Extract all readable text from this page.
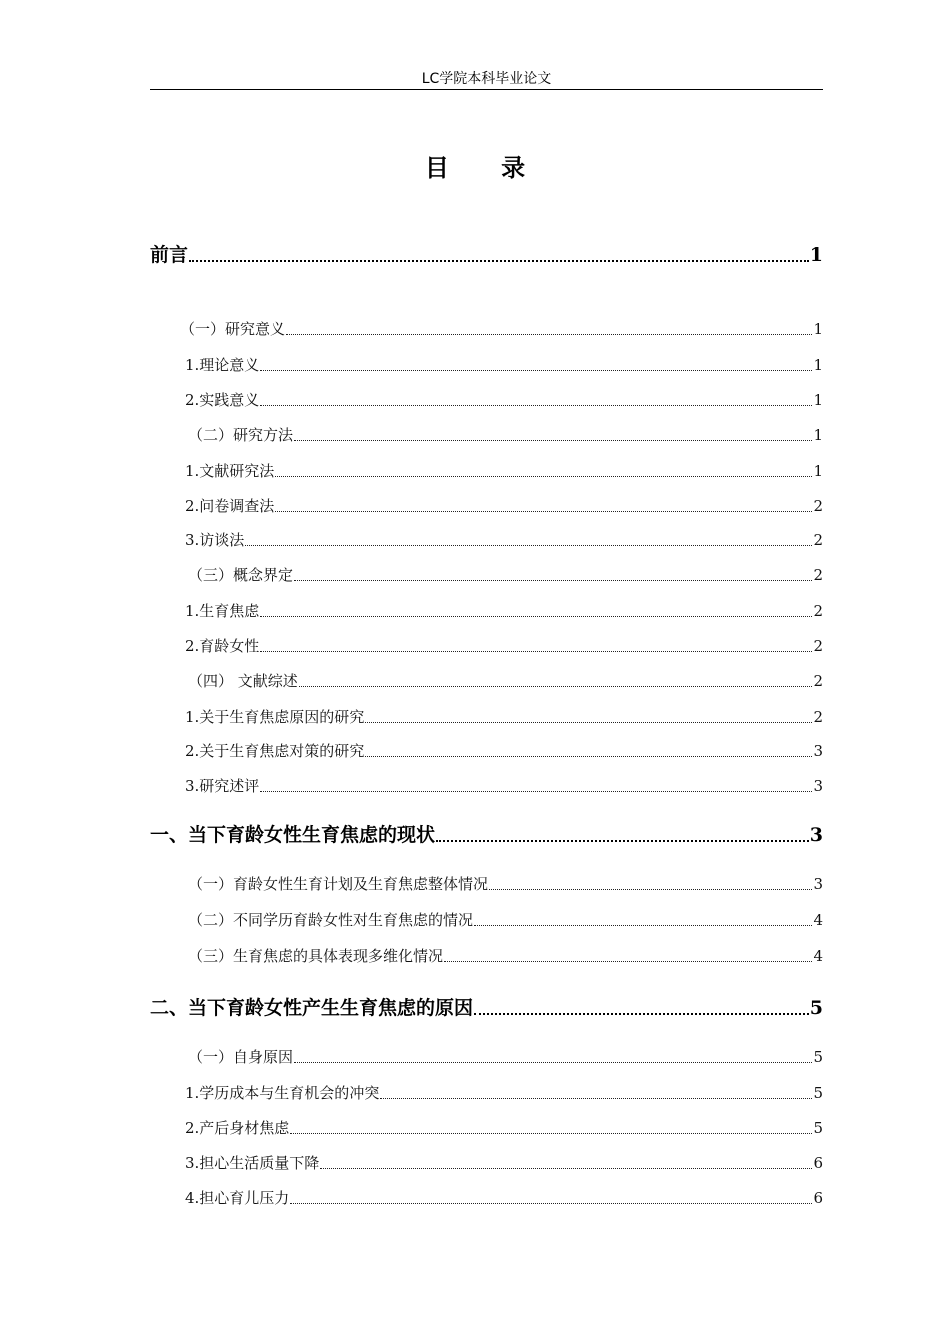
LC学院本科毕业论文
目 录
前言	1
（一）研究意义	1
1.理论意义	1
2.实践意义	1
（二）研究方法	1
1.文献研究法	1
2.问卷调查法	2
3.访谈法	2
（三）概念界定	2
1.生育焦虑	2
2.育龄女性	2
（四） 文献综述	2
1.关于生育焦虑原因的研究	2
2.关于生育焦虑对策的研究	3
3.研究述评	3
一、当下育龄女性生育焦虑的现状	3
（一）育龄女性生育计划及生育焦虑整体情况	3
（二）不同学历育龄女性对生育焦虑的情况	4
（三）生育焦虑的具体表现多维化情况	4
二、当下育龄女性产生生育焦虑的原因	5
（一）自身原因	5
1.学历成本与生育机会的冲突	5
2.产后身材焦虑	5
3.担心生活质量下降	6
4.担心育儿压力	6
